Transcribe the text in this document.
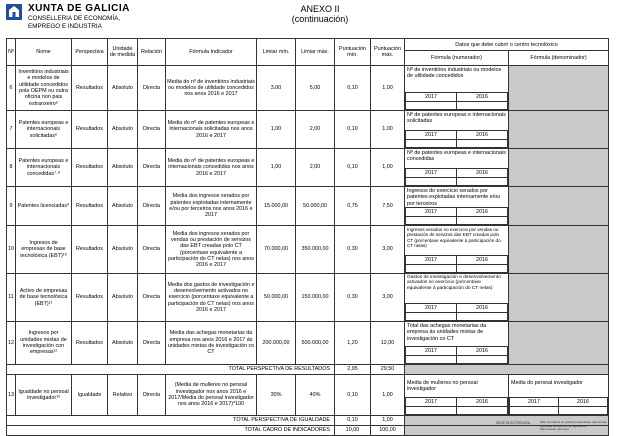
XUNTA DE GALICIA
CONSELLERIA DE ECONOMÍA,
EMPREGO E INDUSTRIA
ANEXO II
(continuación)
Nº	Nome	Perspectiva	Unidade de medida	Relación	Fórmula Indicador	Limiar mín.	Limiar máx.	Puntuación mín.	Puntuación máx.	Datos que debe cubrir o centro tecnolóxico
Fórmula (numerador)	Fórmula (denominador)
6	Inventións industriais e modelos de utilidade concedidos pola OEPM ou outra oficina non pais estranxeiro⁶	Resultados	Absoluto	Directa	Media do nº de inventións industriais ou modelos de utilidade concedidos nos anos 2016 e 2017	3,00	5,00	0,10	1,00	
Nº de inventións industriais ou modelos de utilidade concedidos
2017	2016

7	Patentes europeas e internacionais solicitadas⁶	Resultados	Absoluto	Directa	Media do nº de patentes europeas e internacionais solicitadas nos anos 2016 e 2017	1,00	2,00	0,10	1,00	
Nº de patentes europeas e internacionais solicitadas
2017	2016

8	Patentes europeas e internacionais concedidas⁷·⁸	Resultados	Absoluto	Directa	Media do nº de patentes europeas e internacionais concedidas nos anos 2016 e 2017	1,00	2,00	0,10	1,00	
Nº de patentes europeas e internacionais concedidas
2017	2016

9	Patentes licenciadas⁹	Resultados	Absoluto	Directa	Media dos ingresos xerados por patentes explotadas internamente e/ou por terceiros nos anos 2016 e 2017	15.000,00	50.000,00	0,75	7,50	
Ingresos do exercicio xerados por patentes explotadas internamente e/ou por terceiros
2017	2016

10	Ingresos de empresas de base tecnolóxica (EBT)¹⁰	Resultados	Absoluto	Directa	Media dos ingresos xerados por vendas ou prestación de servizos das EBT creadas polo CT (porcentaxe equivalente a participación do CT nelas) nos anos 2016 e 2017	70.000,00	350.000,00	0,30	3,00	
Ingresos xerados no exercicio por vendas ou prestación de servizos das EBT creadas polo CT (porcentaxe equivalente á participación do CT nelas)
2017	2016

11	Activo de empresas de base tecnolóxica (EBT)¹¹	Resultados	Absoluto	Directa	Media dos gastos de investigación e desenvolvemento activados no exercicio (porcentaxe equivalente a participación do CT nelas) nos anos 2016 e 2017	50.000,00	150.000,00	0,30	3,00	
Gastos de investigación e desenvolvemento activados no exercicio (porcentaxe equivalente á participación do CT nelas)
2017	2016

12	Ingresos por unidades mixtas de investigación con empresas¹²	Resultados	Absoluto	Directa	Media das achegas monetarias da empresa nos anos 2016 e 2017 ás unidades mixtas de investigación co CT	200.000,00	500.000,00	1,20	12,00	
Total das achegas monetarias da empresa ás unidades mixtas de investigación co CT
2017	2016

TOTAL PERSPECTIVA DE RESULTADOS	2,95	29,50	
13	Igualdade no persoal investigador¹³	Igualdade	Relativo	Directa	(Media de mulleres no persoal investigador nos anos 2016 e 2017/Media do persoal investigador nos anos 2016 e 2017)*100	30%	40%	0,10	1,00	
Media de mulleres no persoal investigador
2017	2016

Media do persoal investigador
2017	2016

TOTAL PERSPECTIVA DE IGUALDADE	0,10	1,00	
TOTAL CADRO DE INDICADORES	10,00	100,00	
SEDE ELECTRÓNICA	Este formulario só poderá presentarse nas formas previstas na súa norma reguladora
https://sede.xunta.gal
